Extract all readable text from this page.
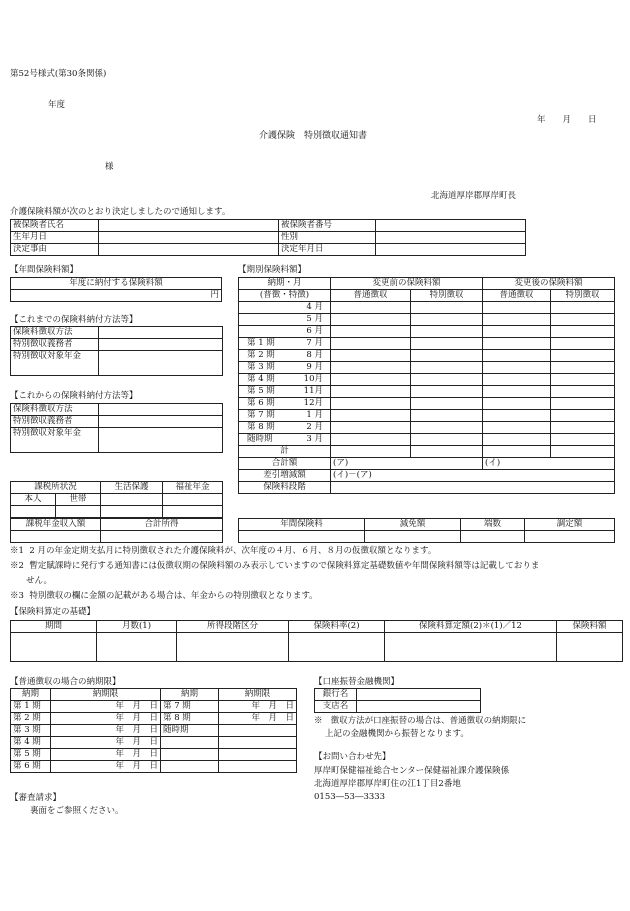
第52号様式(第30条関係)
年度
年　　月　　日
介護保険　特別徴収通知書
様
北海道厚岸郡厚岸町長
介護保険料額が次のとおり決定しましたので通知します。
被保険者氏名		被保険者番号	
生年月日		性別	
決定事由		決定年月日	
【年間保険料額】
年度に納付する保険料額
円
【これまでの保険料納付方法等】
保険料徴収方法	
特別徴収義務者	
特別徴収対象年金	
【これからの保険料納付方法等】
保険料徴収方法	
特別徴収義務者	
特別徴収対象年金	
課税所状況		生活保護	福祉年金
本人	世帯		

課税年金収入額	合計所得

【期別保険料額】
納期・月	変更前の保険料額		変更後の保険料額	
(普徴・特徴)	普通徴収	特別徴収	普通徴収	特別徴収
4 月				
5 月				
6 月				
第 1 期 7 月				
第 2 期 8 月				
第 3 期 9 月				
第 4 期 10月				
第 5 期 11月				
第 6 期 12月				
第 7 期 1 月				
第 8 期 2 月				
随時期 3 月				
計				
合計額	(ア)		(イ)	
差引増減額	(イ)－(ア)			
保険料段階				
年間保険料	減免額	端数	調定額

※1 2 月の年金定期支払月に特別徴収された介護保険料が、次年度の４月、６月、８月の仮徴収額となります。
※2 暫定賦課時に発行する通知書には仮徴収期の保険料額のみ表示していますので保険料算定基礎数値や年間保険料額等は記載しておりま
せん。
※3 特別徴収の欄に金額の記載がある場合は、年金からの特別徴収となります。
【保険料算定の基礎】
期間	月数(1)	所得段階区分	保険料率(2)	保険料算定額(2)＊(1)／12	保険料額

【普通徴収の場合の納期限】
納期	納期限	納期	納期限
第 1 期	年　月　日	第 7 期	年　月　日
第 2 期	年　月　日	第 8 期	年　月　日
第 3 期	年　月　日	随時期	
第 4 期	年　月　日		
第 5 期	年　月　日		
第 6 期	年　月　日		
【口座振替金融機関】
銀行名	
支店名	
※ 徴収方法が口座振替の場合は、普通徴収の納期限に
上記の金融機関から振替となります。
【お問い合わせ先】
厚岸町保健福祉総合センター保健福祉課介護保険係
北海道厚岸郡厚岸町住の江1丁目2番地
0153―53―3333
【審査請求】
裏面をご参照ください。
